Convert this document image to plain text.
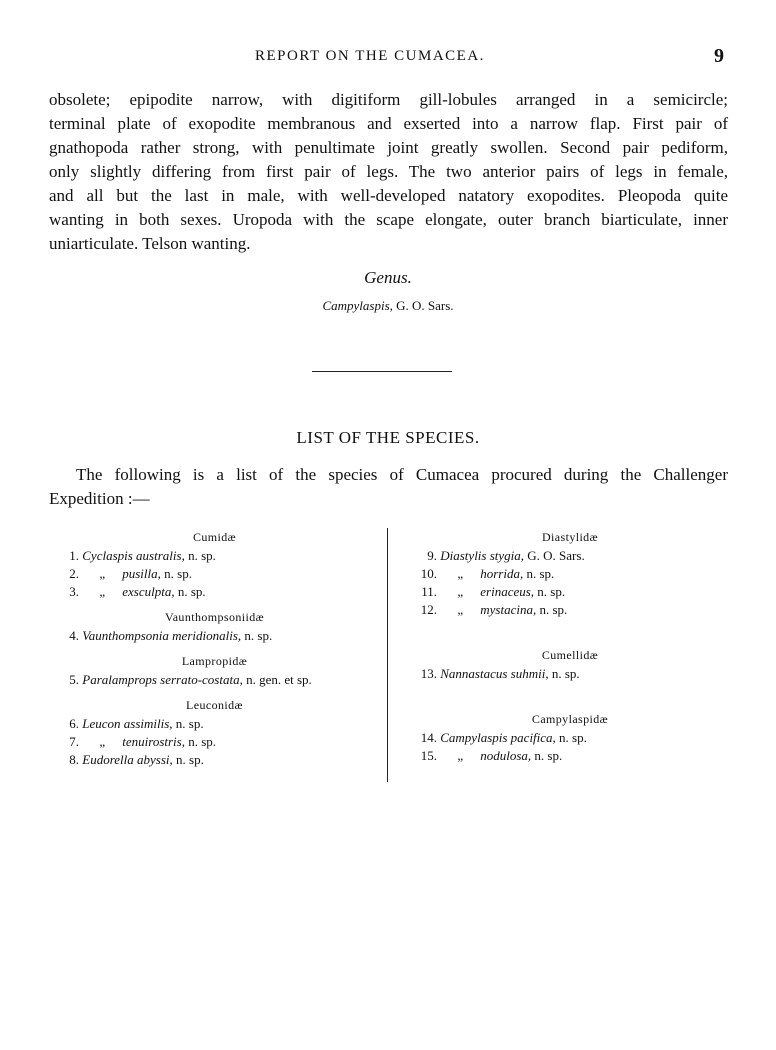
REPORT ON THE CUMACEA.	9
obsolete; epipodite narrow, with digitiform gill-lobules arranged in a semicircle;
terminal plate of exopodite membranous and exserted into a narrow flap. First pair of
gnathopoda rather strong, with penultimate joint greatly swollen. Second pair pediform,
only slightly differing from first pair of legs. The two anterior pairs of legs in female,
and all but the last in male, with well-developed natatory exopodites. Pleopoda quite
wanting in both sexes. Uropoda with the scape elongate, outer branch biarticulate, inner
uniarticulate. Telson wanting.
Genus.
Campylaspis, G. O. Sars.
LIST OF THE SPECIES.
The following is a list of the species of Cumacea procured during the Challenger
Expedition :—
Cumidæ
1. Cyclaspis australis, n. sp.
2. „ pusilla, n. sp.
3. „ exsculpta, n. sp.
Vaunthompsoniidæ
4. Vaunthompsonia meridionalis, n. sp.
Lampropidæ
5. Paralamprops serrato-costata, n. gen. et sp.
Leuconidæ
6. Leucon assimilis, n. sp.
7. „ tenuirostris, n. sp.
8. Eudorella abyssi, n. sp.
Diastylidæ
9. Diastylis stygia, G. O. Sars.
10. „ horrida, n. sp.
11. „ erinaceus, n. sp.
12. „ mystacina, n. sp.
Cumellidæ
13. Nannastacus suhmii, n. sp.
Campylaspidæ
14. Campylaspis pacifica, n. sp.
15. „ nodulosa, n. sp.
